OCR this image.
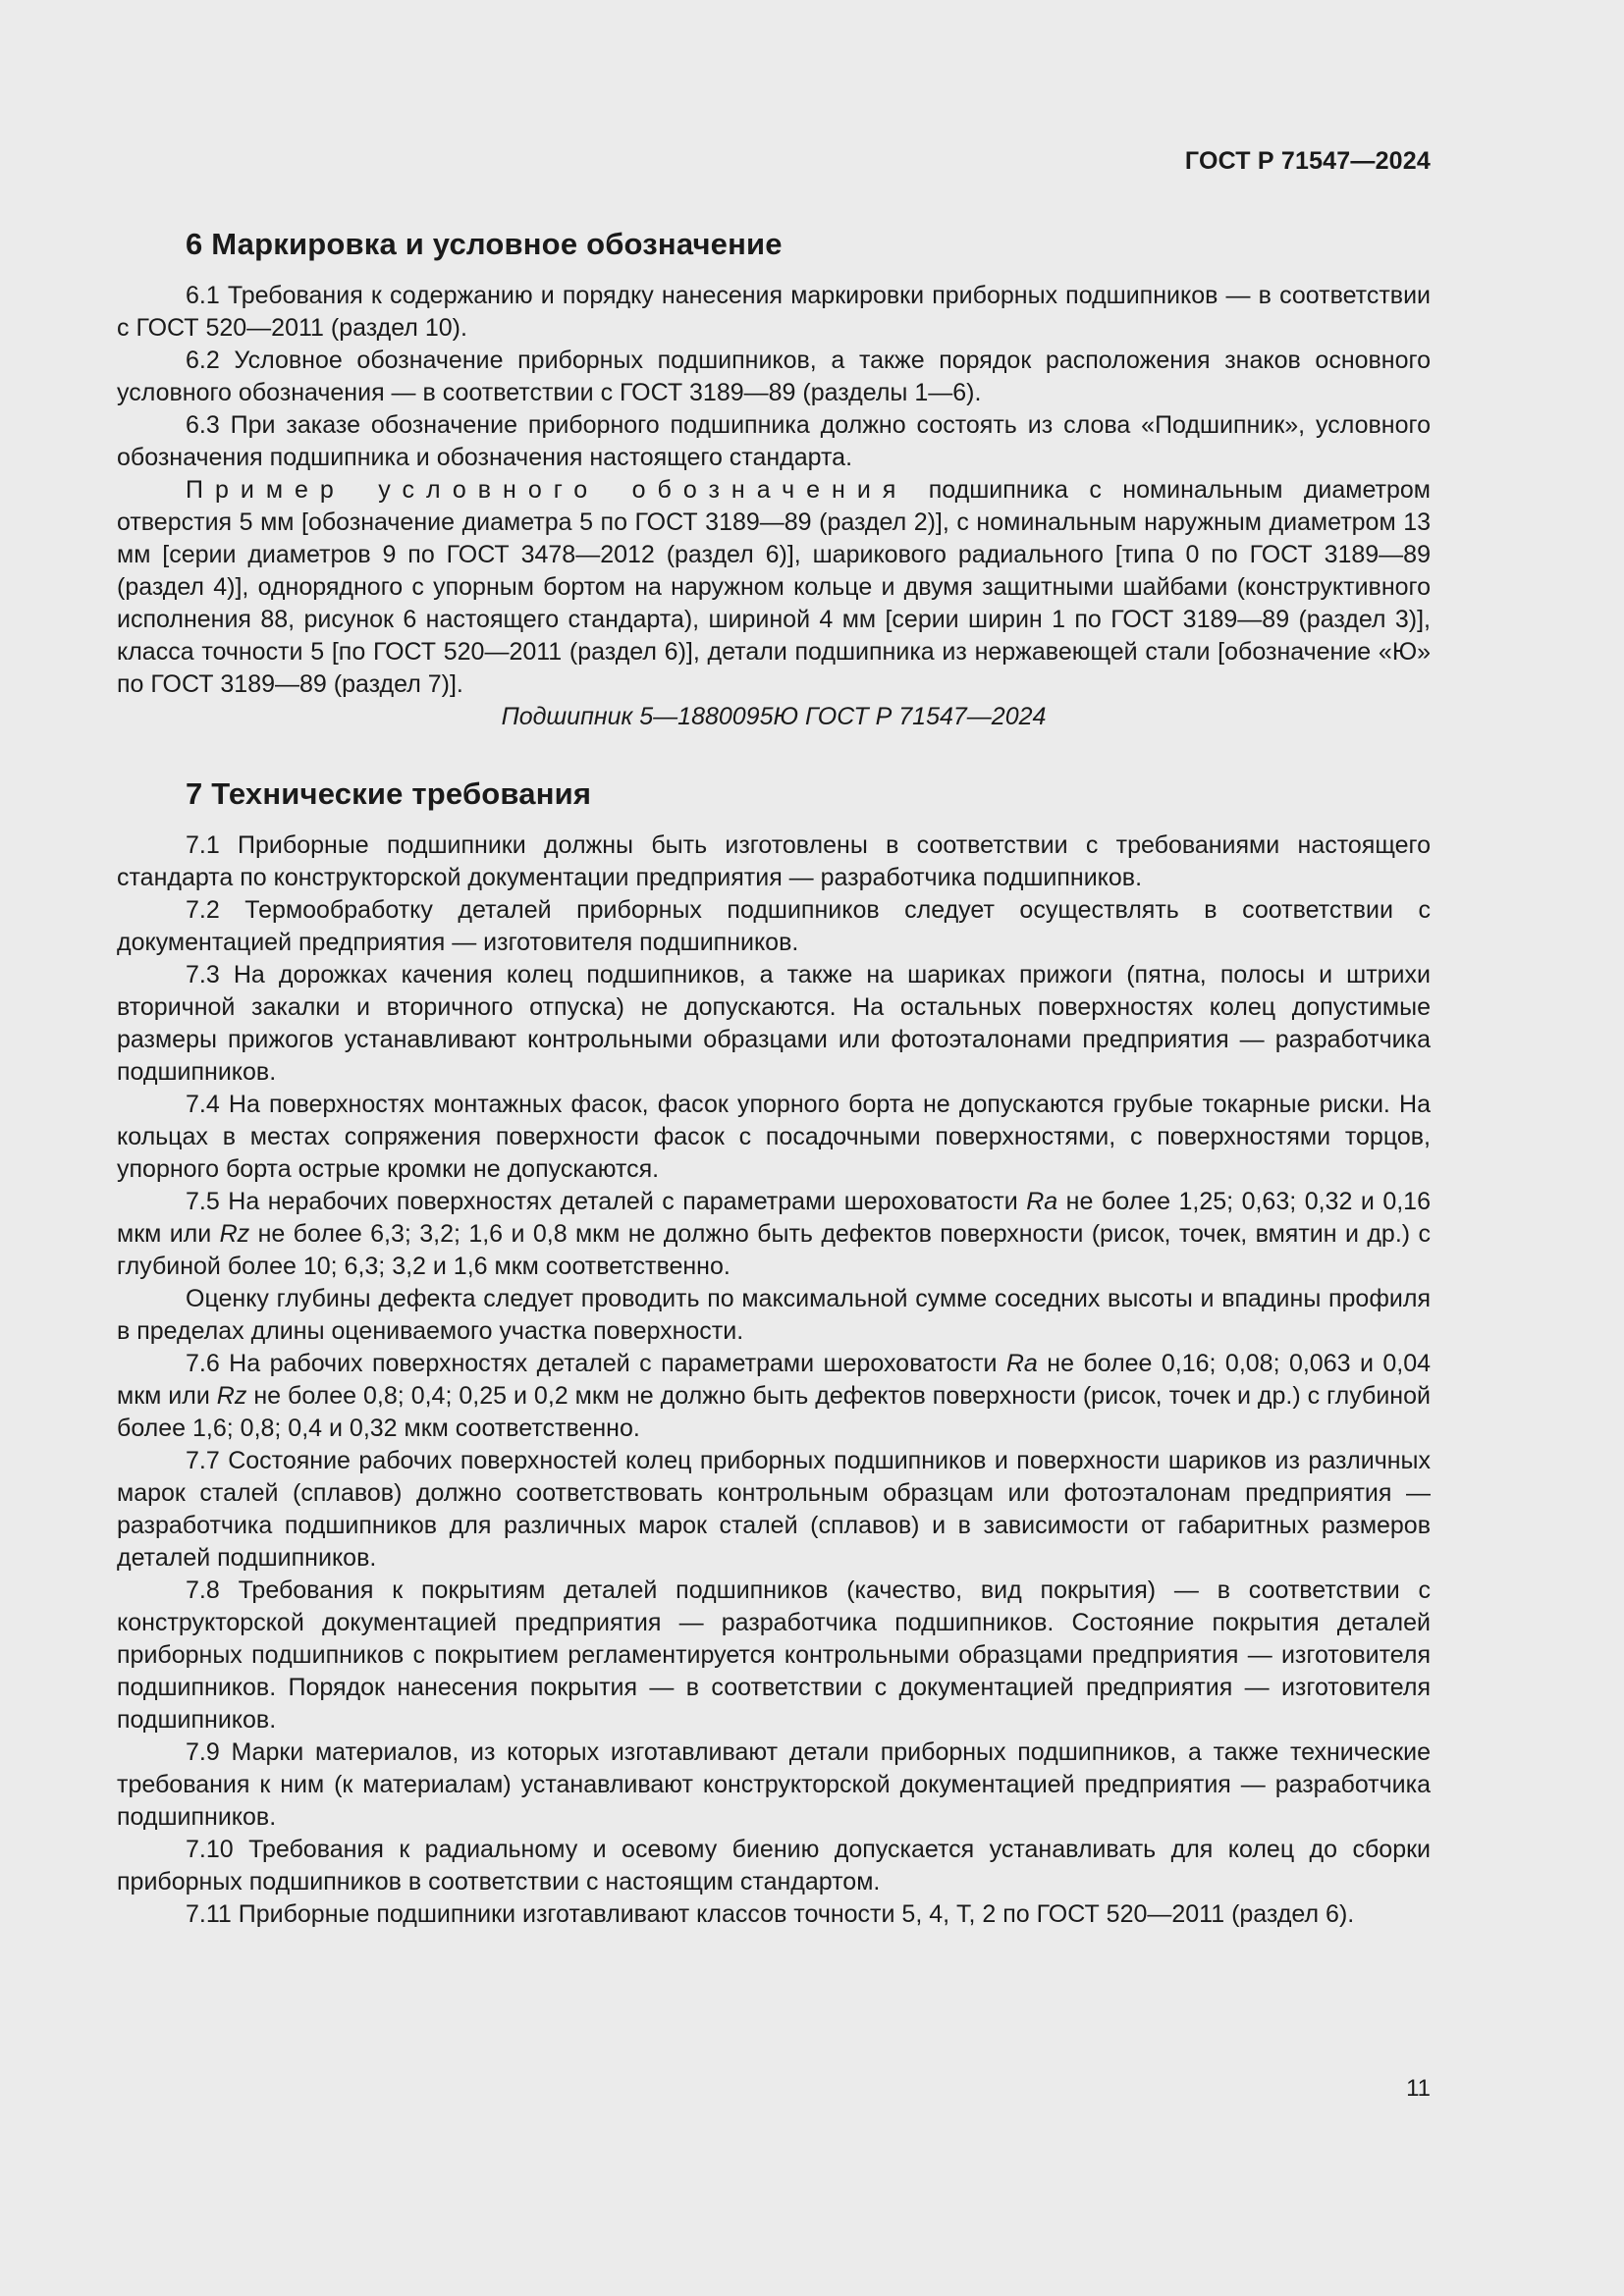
ГОСТ Р 71547—2024
6 Маркировка и условное обозначение

6.1 Требования к содержанию и порядку нанесения маркировки приборных подшипников — в соответствии с ГОСТ 520—2011 (раздел 10).

6.2 Условное обозначение приборных подшипников, а также порядок расположения знаков основного условного обозначения — в соответствии с ГОСТ 3189—89 (разделы 1—6).

6.3 При заказе обозначение приборного подшипника должно состоять из слова «Подшипник», условного обозначения подшипника и обозначения настоящего стандарта.

Пример условного обозначения подшипника с номинальным диаметром отверстия 5 мм [обозначение диаметра 5 по ГОСТ 3189—89 (раздел 2)], с номинальным наружным диаметром 13 мм [серии диаметров 9 по ГОСТ 3478—2012 (раздел 6)], шарикового радиального [типа 0 по ГОСТ 3189—89 (раздел 4)], однорядного с упорным бортом на наружном кольце и двумя защитными шайбами (конструктивного исполнения 88, рисунок 6 настоящего стандарта), шириной 4 мм [серии ширин 1 по ГОСТ 3189—89 (раздел 3)], класса точности 5 [по ГОСТ 520—2011 (раздел 6)], детали подшипника из нержавеющей стали [обозначение «Ю» по ГОСТ 3189—89 (раздел 7)].

Подшипник 5—1880095Ю ГОСТ Р 71547—2024

7 Технические требования

7.1 Приборные подшипники должны быть изготовлены в соответствии с требованиями настоящего стандарта по конструкторской документации предприятия — разработчика подшипников.

7.2 Термообработку деталей приборных подшипников следует осуществлять в соответствии с документацией предприятия — изготовителя подшипников.

7.3 На дорожках качения колец подшипников, а также на шариках прижоги (пятна, полосы и штрихи вторичной закалки и вторичного отпуска) не допускаются. На остальных поверхностях колец допустимые размеры прижогов устанавливают контрольными образцами или фотоэталонами предприятия — разработчика подшипников.

7.4 На поверхностях монтажных фасок, фасок упорного борта не допускаются грубые токарные риски. На кольцах в местах сопряжения поверхности фасок с посадочными поверхностями, с поверхностями торцов, упорного борта острые кромки не допускаются.

7.5 На нерабочих поверхностях деталей с параметрами шероховатости Ra не более 1,25; 0,63; 0,32 и 0,16 мкм или Rz не более 6,3; 3,2; 1,6 и 0,8 мкм не должно быть дефектов поверхности (рисок, точек, вмятин и др.) с глубиной более 10; 6,3; 3,2 и 1,6 мкм соответственно.

Оценку глубины дефекта следует проводить по максимальной сумме соседних высоты и впадины профиля в пределах длины оцениваемого участка поверхности.

7.6 На рабочих поверхностях деталей с параметрами шероховатости Ra не более 0,16; 0,08; 0,063 и 0,04 мкм или Rz не более 0,8; 0,4; 0,25 и 0,2 мкм не должно быть дефектов поверхности (рисок, точек и др.) с глубиной более 1,6; 0,8; 0,4 и 0,32 мкм соответственно.

7.7 Состояние рабочих поверхностей колец приборных подшипников и поверхности шариков из различных марок сталей (сплавов) должно соответствовать контрольным образцам или фотоэталонам предприятия — разработчика подшипников для различных марок сталей (сплавов) и в зависимости от габаритных размеров деталей подшипников.

7.8 Требования к покрытиям деталей подшипников (качество, вид покрытия) — в соответствии с конструкторской документацией предприятия — разработчика подшипников. Состояние покрытия деталей приборных подшипников с покрытием регламентируется контрольными образцами предприятия — изготовителя подшипников. Порядок нанесения покрытия — в соответствии с документацией предприятия — изготовителя подшипников.

7.9 Марки материалов, из которых изготавливают детали приборных подшипников, а также технические требования к ним (к материалам) устанавливают конструкторской документацией предприятия — разработчика подшипников.

7.10 Требования к радиальному и осевому биению допускается устанавливать для колец до сборки приборных подшипников в соответствии с настоящим стандартом.

7.11 Приборные подшипники изготавливают классов точности 5, 4, Т, 2 по ГОСТ 520—2011 (раздел 6).

11
